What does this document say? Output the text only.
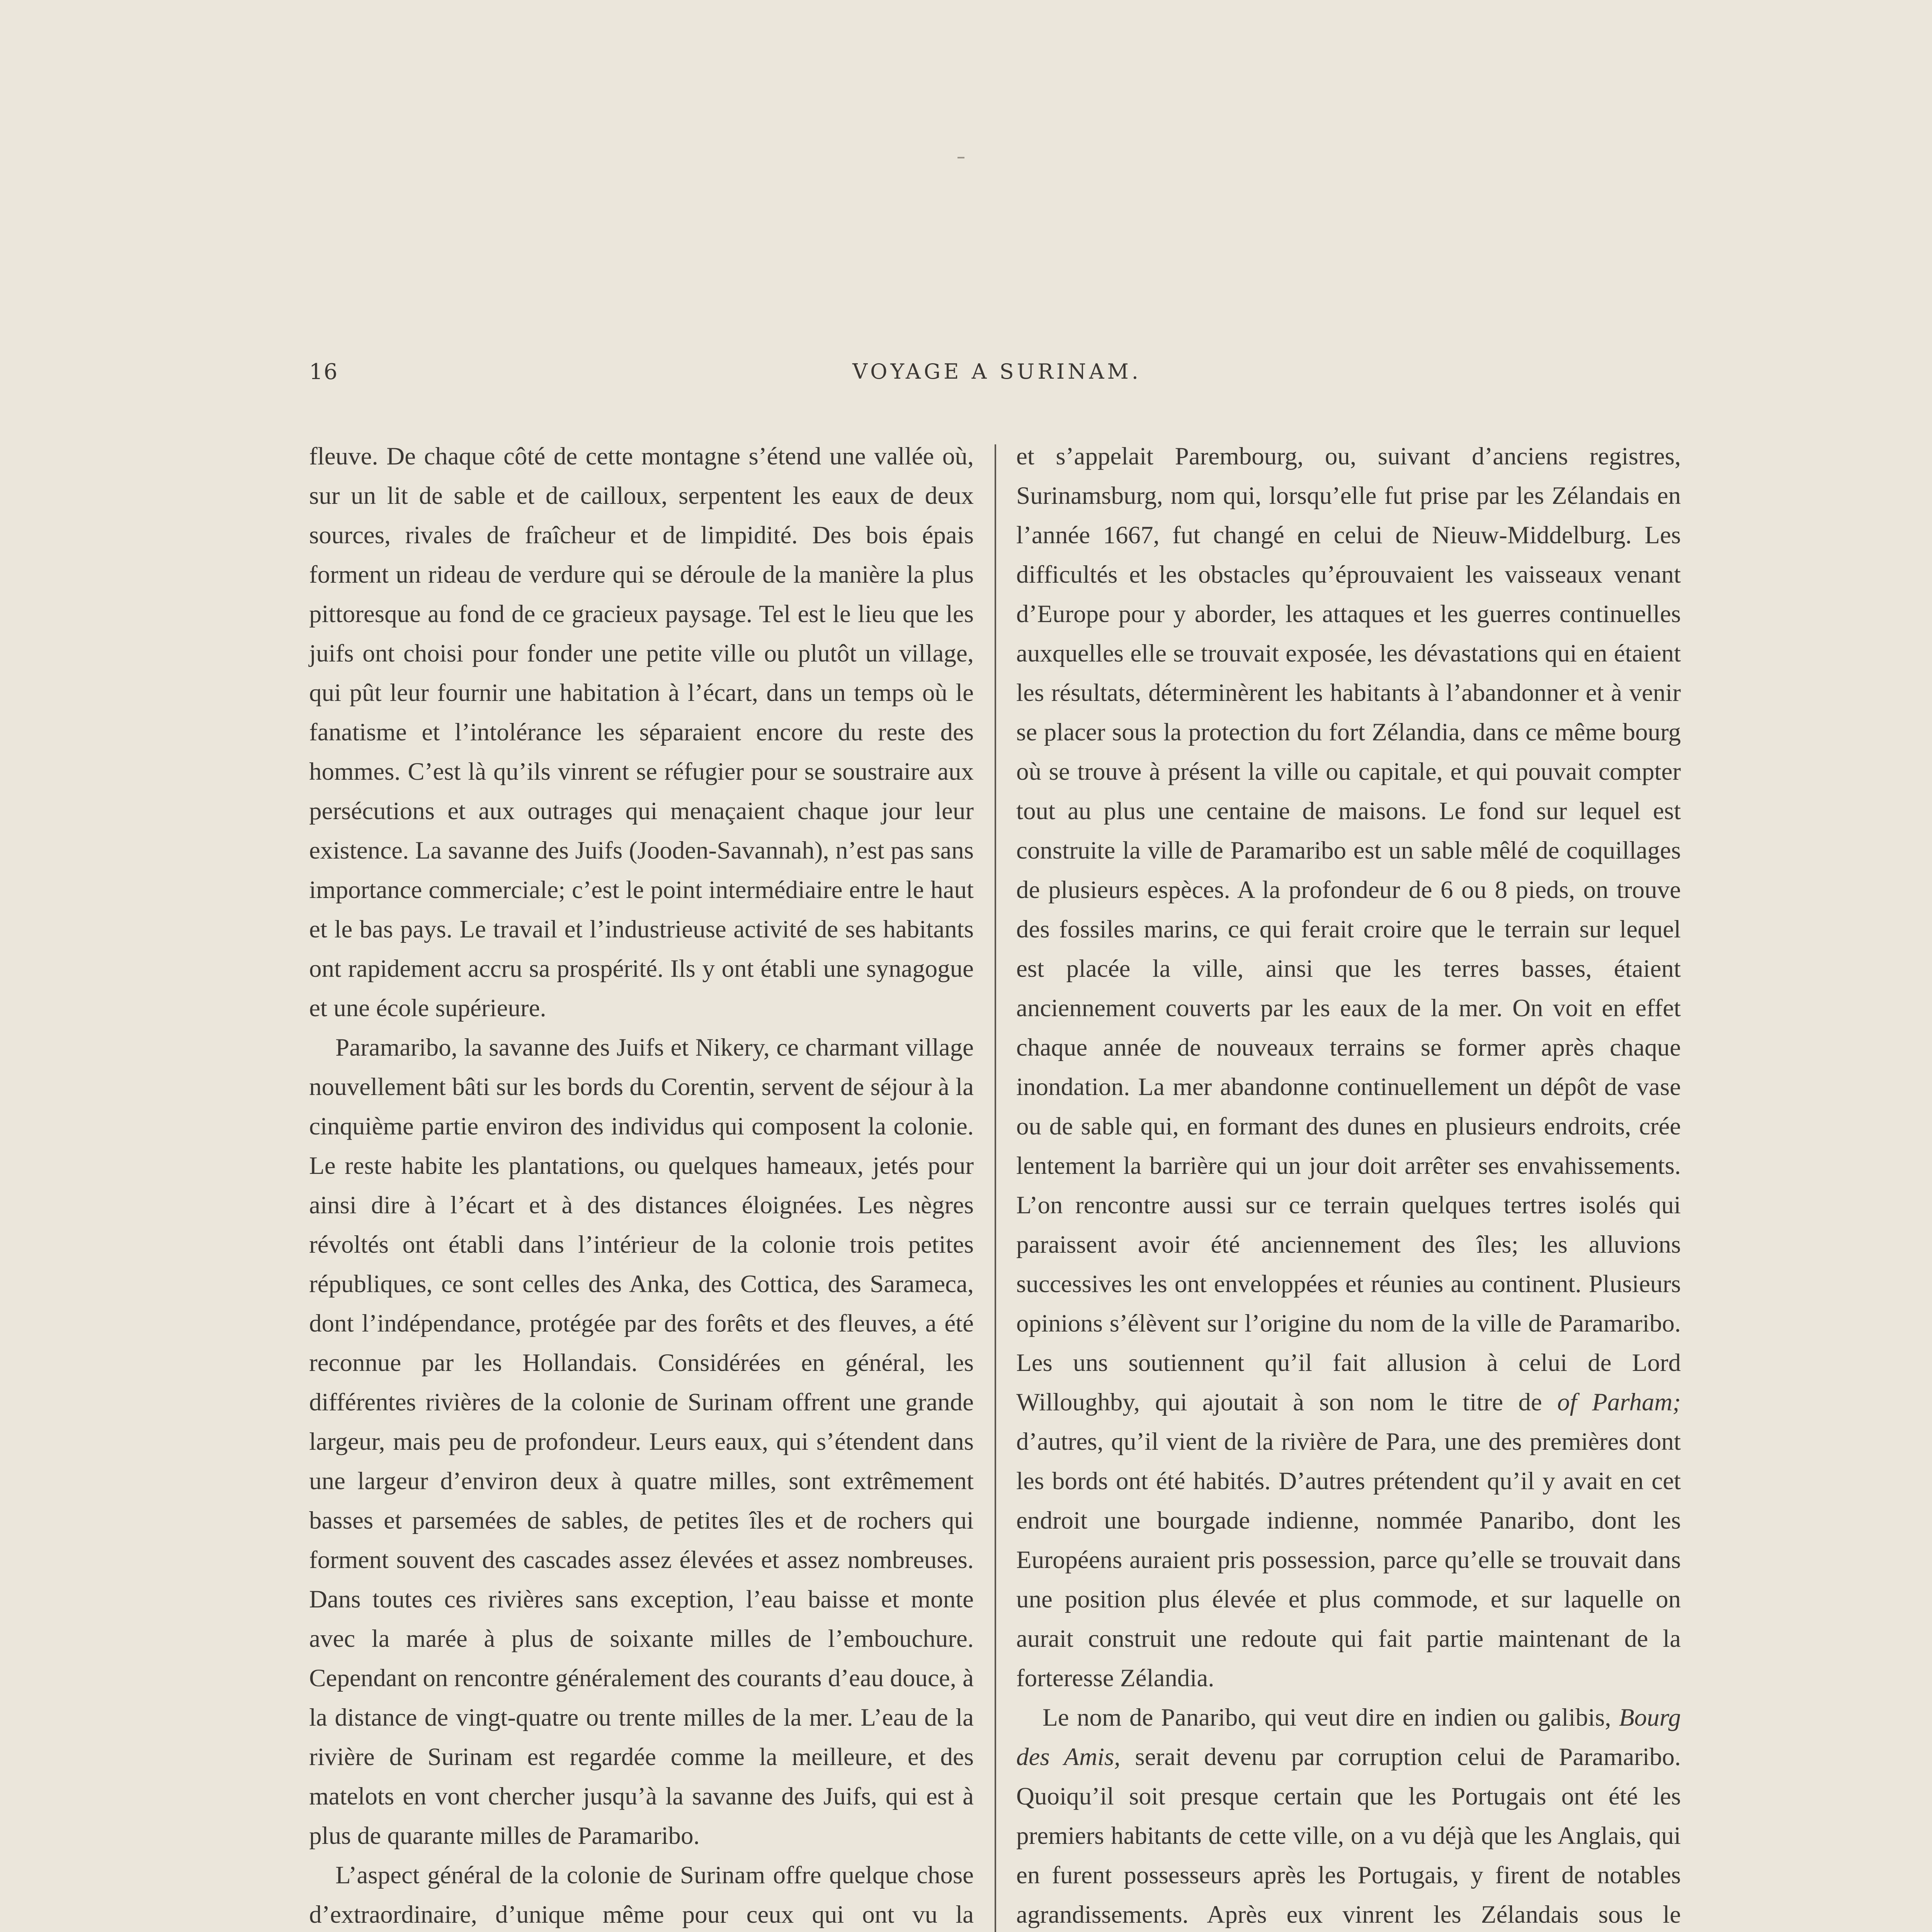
16	VOYAGE A SURINAM.

fleuve. De chaque côté de cette montagne s’étend une vallée où, sur un lit de sable et de cailloux, serpentent les eaux de deux sources, rivales de fraîcheur et de limpidité. Des bois épais forment un rideau de verdure qui se déroule de la manière la plus pittoresque au fond de ce gracieux paysage. Tel est le lieu que les juifs ont choisi pour fonder une petite ville ou plutôt un village, qui pût leur fournir une habitation à l’écart, dans un temps où le fanatisme et l’intolérance les séparaient encore du reste des hommes. C’est là qu’ils vinrent se réfugier pour se soustraire aux persécutions et aux outrages qui menaçaient chaque jour leur existence. La savanne des Juifs (Jooden-Savannah), n’est pas sans importance commerciale; c’est le point intermédiaire entre le haut et le bas pays. Le travail et l’industrieuse activité de ses habitants ont rapidement accru sa prospérité. Ils y ont établi une synagogue et une école supérieure.

Paramaribo, la savanne des Juifs et Nikery, ce charmant village nouvellement bâti sur les bords du Corentin, servent de séjour à la cinquième partie environ des individus qui composent la colonie. Le reste habite les plantations, ou quelques hameaux, jetés pour ainsi dire à l’écart et à des distances éloignées. Les nègres révoltés ont établi dans l’intérieur de la colonie trois petites républiques, ce sont celles des Anka, des Cottica, des Sarameca, dont l’indépendance, protégée par des forêts et des fleuves, a été reconnue par les Hollandais. Considérées en général, les différentes rivières de la colonie de Surinam offrent une grande largeur, mais peu de profondeur. Leurs eaux, qui s’étendent dans une largeur d’environ deux à quatre milles, sont extrêmement basses et parsemées de sables, de petites îles et de rochers qui forment souvent des cascades assez élevées et assez nombreuses. Dans toutes ces rivières sans exception, l’eau baisse et monte avec la marée à plus de soixante milles de l’embouchure. Cependant on rencontre généralement des courants d’eau douce, à la distance de vingt-quatre ou trente milles de la mer. L’eau de la rivière de Surinam est regardée comme la meilleure, et des matelots en vont chercher jusqu’à la savanne des Juifs, qui est à plus de quarante milles de Paramaribo.

L’aspect général de la colonie de Surinam offre quelque chose d’extraordinaire, d’unique même pour ceux qui ont vu la

et s’appelait Parembourg, ou, suivant d’anciens registres, Surinamsburg, nom qui, lorsqu’elle fut prise par les Zélandais en l’année 1667, fut changé en celui de Nieuw-Middelburg. Les difficultés et les obstacles qu’éprouvaient les vaisseaux venant d’Europe pour y aborder, les attaques et les guerres continuelles auxquelles elle se trouvait exposée, les dévastations qui en étaient les résultats, déterminèrent les habitants à l’abandonner et à venir se placer sous la protection du fort Zélandia, dans ce même bourg où se trouve à présent la ville ou capitale, et qui pouvait compter tout au plus une centaine de maisons. Le fond sur lequel est construite la ville de Paramaribo est un sable mêlé de coquillages de plusieurs espèces. A la profondeur de 6 ou 8 pieds, on trouve des fossiles marins, ce qui ferait croire que le terrain sur lequel est placée la ville, ainsi que les terres basses, étaient anciennement couverts par les eaux de la mer. On voit en effet chaque année de nouveaux terrains se former après chaque inondation. La mer abandonne continuellement un dépôt de vase ou de sable qui, en formant des dunes en plusieurs endroits, crée lentement la barrière qui un jour doit arrêter ses envahissements. L’on rencontre aussi sur ce terrain quelques tertres isolés qui paraissent avoir été anciennement des îles; les alluvions successives les ont enveloppées et réunies au continent. Plusieurs opinions s’élèvent sur l’origine du nom de la ville de Paramaribo. Les uns soutiennent qu’il fait allusion à celui de Lord Willoughby, qui ajoutait à son nom le titre de of Parham; d’autres, qu’il vient de la rivière de Para, une des premières dont les bords ont été habités. D’autres prétendent qu’il y avait en cet endroit une bourgade indienne, nommée Panaribo, dont les Européens auraient pris possession, parce qu’elle se trouvait dans une position plus élevée et plus commode, et sur laquelle on aurait construit une redoute qui fait partie maintenant de la forteresse Zélandia.

Le nom de Panaribo, qui veut dire en indien ou galibis, Bourg des Amis, serait devenu par corruption celui de Paramaribo. Quoiqu’il soit presque certain que les Portugais ont été les premiers habitants de cette ville, on a vu déjà que les Anglais, qui en furent possesseurs après les Portugais, y firent de notables agrandissements. Après eux vinrent les Zélandais sous le
